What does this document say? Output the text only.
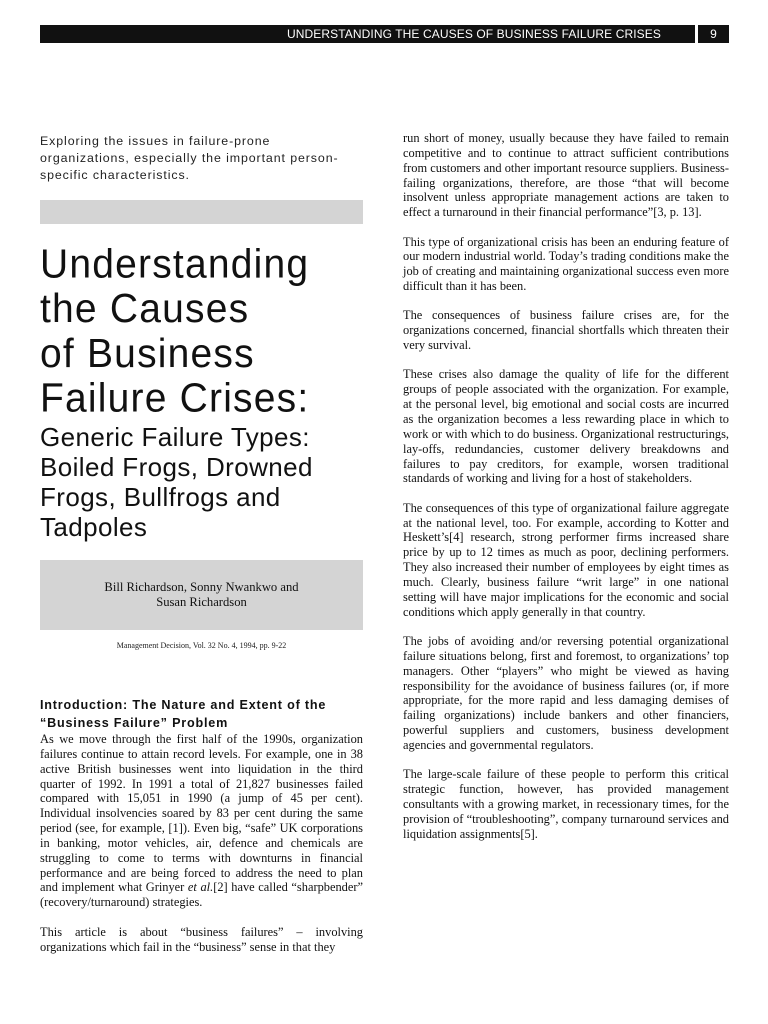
UNDERSTANDING THE CAUSES OF BUSINESS FAILURE CRISES	9

Exploring the issues in failure-prone organizations, especially the important person-specific characteristics.

Understanding
the Causes
of Business
Failure Crises:
Generic Failure Types:
Boiled Frogs, Drowned
Frogs, Bullfrogs and
Tadpoles

Bill Richardson, Sonny Nwankwo and
Susan Richardson

Management Decision, Vol. 32 No. 4, 1994, pp. 9-22

Introduction: The Nature and Extent of the
“Business Failure” Problem

As we move through the first half of the 1990s, organization failures continue to attain record levels. For example, one in 38 active British businesses went into liquidation in the third quarter of 1992. In 1991 a total of 21,827 businesses failed compared with 15,051 in 1990 (a jump of 45 per cent). Individual insolvencies soared by 83 per cent during the same period (see, for example, [1]). Even big, “safe” UK corporations in banking, motor vehicles, air, defence and chemicals are struggling to come to terms with downturns in financial performance and are being forced to address the need to plan and implement what Grinyer et al.[2] have called “sharpbender” (recovery/turnaround) strategies.

This article is about “business failures” – involving organizations which fail in the “business” sense in that they

run short of money, usually because they have failed to remain competitive and to continue to attract sufficient contributions from customers and other important resource suppliers. Business-failing organizations, therefore, are those “that will become insolvent unless appropriate management actions are taken to effect a turnaround in their financial performance”[3, p. 13].

This type of organizational crisis has been an enduring feature of our modern industrial world. Today’s trading conditions make the job of creating and maintaining organizational success even more difficult than it has been.

The consequences of business failure crises are, for the organizations concerned, financial shortfalls which threaten their very survival.

These crises also damage the quality of life for the different groups of people associated with the organization. For example, at the personal level, big emotional and social costs are incurred as the organization becomes a less rewarding place in which to work or with which to do business. Organizational restructurings, lay-offs, redundancies, customer delivery breakdowns and failures to pay creditors, for example, worsen traditional standards of working and living for a host of stakeholders.

The consequences of this type of organizational failure aggregate at the national level, too. For example, according to Kotter and Heskett’s[4] research, strong performer firms increased share price by up to 12 times as much as poor, declining performers. They also increased their number of employees by eight times as much. Clearly, business failure “writ large” in one national setting will have major implications for the economic and social conditions which apply generally in that country.

The jobs of avoiding and/or reversing potential organizational failure situations belong, first and foremost, to organizations’ top managers. Other “players” who might be viewed as having responsibility for the avoidance of business failures (or, if more appropriate, for the more rapid and less damaging demises of failing organizations) include bankers and other financiers, powerful suppliers and customers, business development agencies and governmental regulators.

The large-scale failure of these people to perform this critical strategic function, however, has provided management consultants with a growing market, in recessionary times, for the provision of “troubleshooting”, company turnaround services and liquidation assignments[5].
